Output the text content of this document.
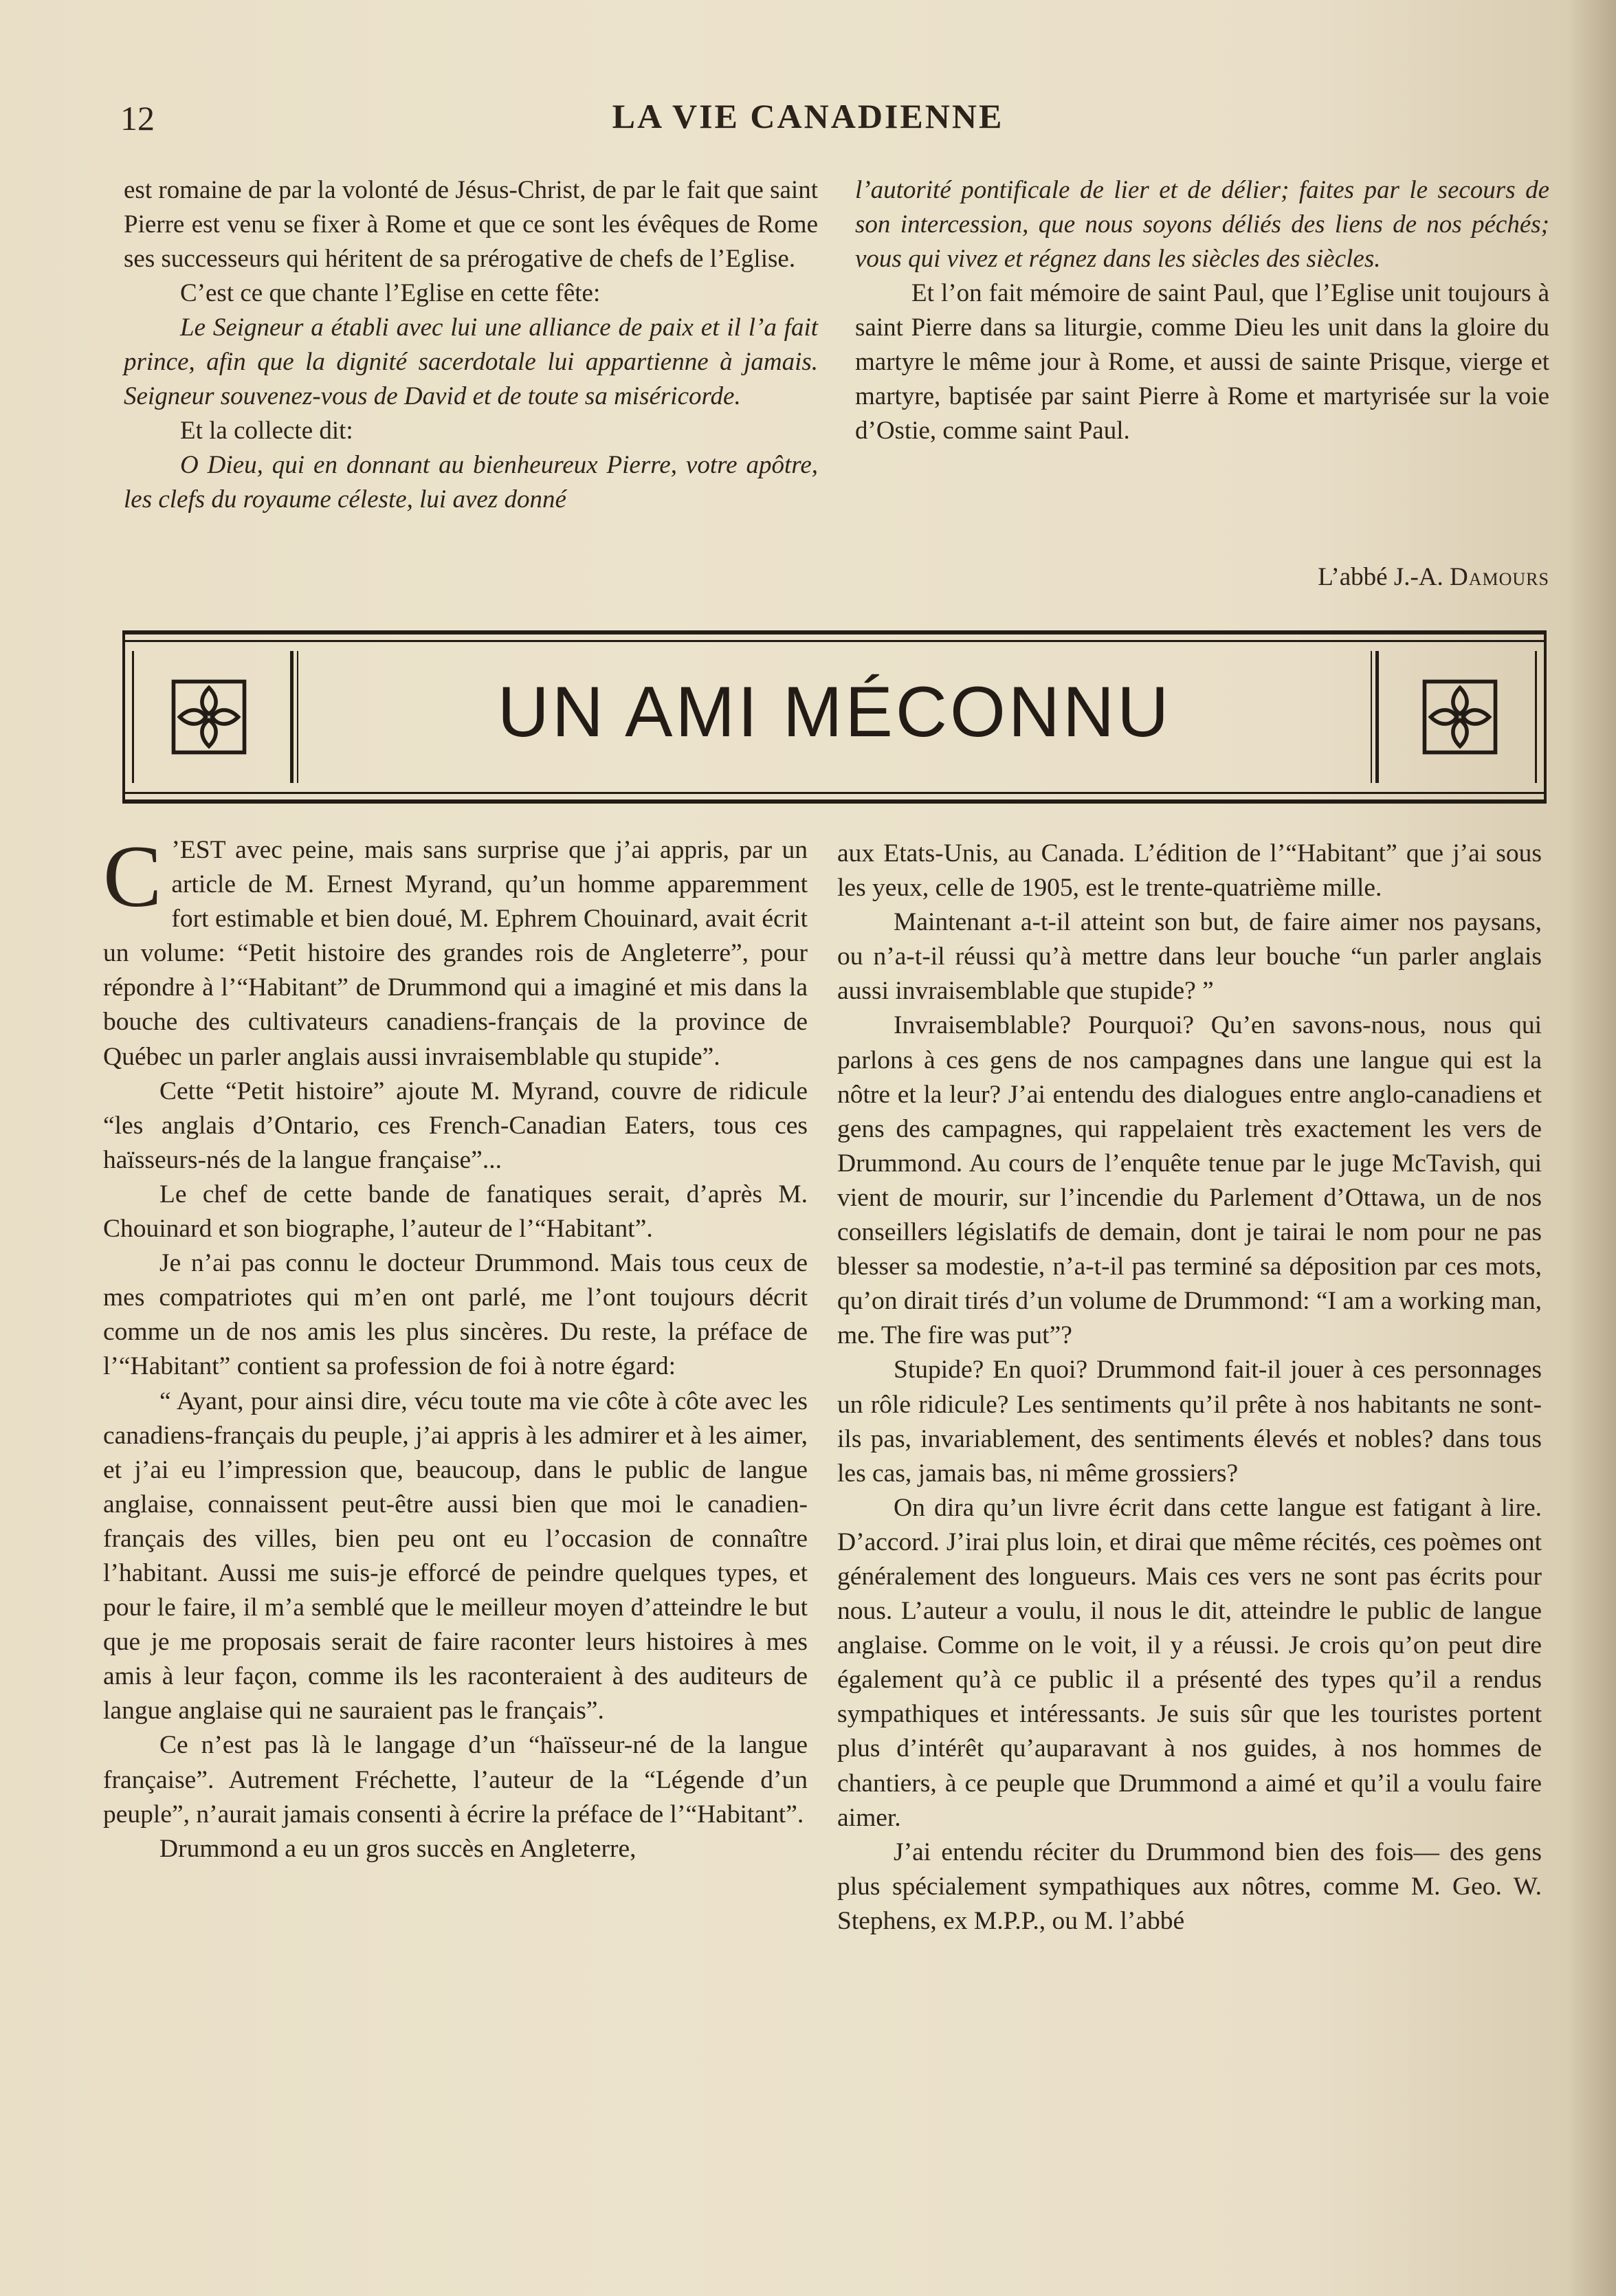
12	LA VIE CANADIENNE

est romaine de par la volonté de Jésus-Christ, de par le fait que saint Pierre est venu se fixer à Rome et que ce sont les évêques de Rome ses successeurs qui héritent de sa prérogative de chefs de l’Eglise.

C’est ce que chante l’Eglise en cette fête:

Le Seigneur a établi avec lui une alliance de paix et il l’a fait prince, afin que la dignité sacerdotale lui appartienne à jamais. Seigneur souvenez-vous de David et de toute sa miséricorde.

Et la collecte dit:

O Dieu, qui en donnant au bienheureux Pierre, votre apôtre, les clefs du royaume céleste, lui avez donné

l’autorité pontificale de lier et de délier; faites par le secours de son intercession, que nous soyons déliés des liens de nos péchés; vous qui vivez et régnez dans les siècles des siècles.

Et l’on fait mémoire de saint Paul, que l’Eglise unit toujours à saint Pierre dans sa liturgie, comme Dieu les unit dans la gloire du martyre le même jour à Rome, et aussi de sainte Prisque, vierge et martyre, baptisée par saint Pierre à Rome et martyrisée sur la voie d’Ostie, comme saint Paul.

L’abbé J.-A. Damours
UN AMI MÉCONNU

C ’EST avec peine, mais sans surprise que j’ai appris, par un article de M. Ernest Myrand, qu’un homme apparemment fort estimable et bien doué, M. Ephrem Chouinard, avait écrit un volume: “Petit histoire des grandes rois de Angleterre”, pour répondre à l’“Habitant” de Drummond qui a imaginé et mis dans la bouche des cultivateurs canadiens-français de la province de Québec un parler anglais aussi invraisemblable qu stupide”.

Cette “Petit histoire” ajoute M. Myrand, couvre de ridicule “les anglais d’Ontario, ces French-Canadian Eaters, tous ces haïsseurs-nés de la langue française”...

Le chef de cette bande de fanatiques serait, d’après M. Chouinard et son biographe, l’auteur de l’“Habitant”.

Je n’ai pas connu le docteur Drummond. Mais tous ceux de mes compatriotes qui m’en ont parlé, me l’ont toujours décrit comme un de nos amis les plus sincères. Du reste, la préface de l’“Habitant” contient sa profession de foi à notre égard:

“ Ayant, pour ainsi dire, vécu toute ma vie côte à côte avec les canadiens-français du peuple, j’ai appris à les admirer et à les aimer, et j’ai eu l’impression que, beaucoup, dans le public de langue anglaise, connaissent peut-être aussi bien que moi le canadien-français des villes, bien peu ont eu l’occasion de connaître l’habitant. Aussi me suis-je efforcé de peindre quelques types, et pour le faire, il m’a semblé que le meilleur moyen d’atteindre le but que je me proposais serait de faire raconter leurs histoires à mes amis à leur façon, comme ils les raconteraient à des auditeurs de langue anglaise qui ne sauraient pas le français”.

Ce n’est pas là le langage d’un “haïsseur-né de la langue française”. Autrement Fréchette, l’auteur de la “Légende d’un peuple”, n’aurait jamais consenti à écrire la préface de l’“Habitant”.

Drummond a eu un gros succès en Angleterre,

aux Etats-Unis, au Canada. L’édition de l’“Habitant” que j’ai sous les yeux, celle de 1905, est le trente-quatrième mille.

Maintenant a-t-il atteint son but, de faire aimer nos paysans, ou n’a-t-il réussi qu’à mettre dans leur bouche “un parler anglais aussi invraisemblable que stupide? ”

Invraisemblable? Pourquoi? Qu’en savons-nous, nous qui parlons à ces gens de nos campagnes dans une langue qui est la nôtre et la leur? J’ai entendu des dialogues entre anglo-canadiens et gens des campagnes, qui rappelaient très exactement les vers de Drummond. Au cours de l’enquête tenue par le juge McTavish, qui vient de mourir, sur l’incendie du Parlement d’Ottawa, un de nos conseillers législatifs de demain, dont je tairai le nom pour ne pas blesser sa modestie, n’a-t-il pas terminé sa déposition par ces mots, qu’on dirait tirés d’un volume de Drummond: “I am a working man, me. The fire was put”?

Stupide? En quoi? Drummond fait-il jouer à ces personnages un rôle ridicule? Les sentiments qu’il prête à nos habitants ne sont-ils pas, invariablement, des sentiments élevés et nobles? dans tous les cas, jamais bas, ni même grossiers?

On dira qu’un livre écrit dans cette langue est fatigant à lire. D’accord. J’irai plus loin, et dirai que même récités, ces poèmes ont généralement des longueurs. Mais ces vers ne sont pas écrits pour nous. L’auteur a voulu, il nous le dit, atteindre le public de langue anglaise. Comme on le voit, il y a réussi. Je crois qu’on peut dire également qu’à ce public il a présenté des types qu’il a rendus sympathiques et intéressants. Je suis sûr que les touristes portent plus d’intérêt qu’auparavant à nos guides, à nos hommes de chantiers, à ce peuple que Drummond a aimé et qu’il a voulu faire aimer.

J’ai entendu réciter du Drummond bien des fois— des gens plus spécialement sympathiques aux nôtres, comme M. Geo. W. Stephens, ex M.P.P., ou M. l’abbé
